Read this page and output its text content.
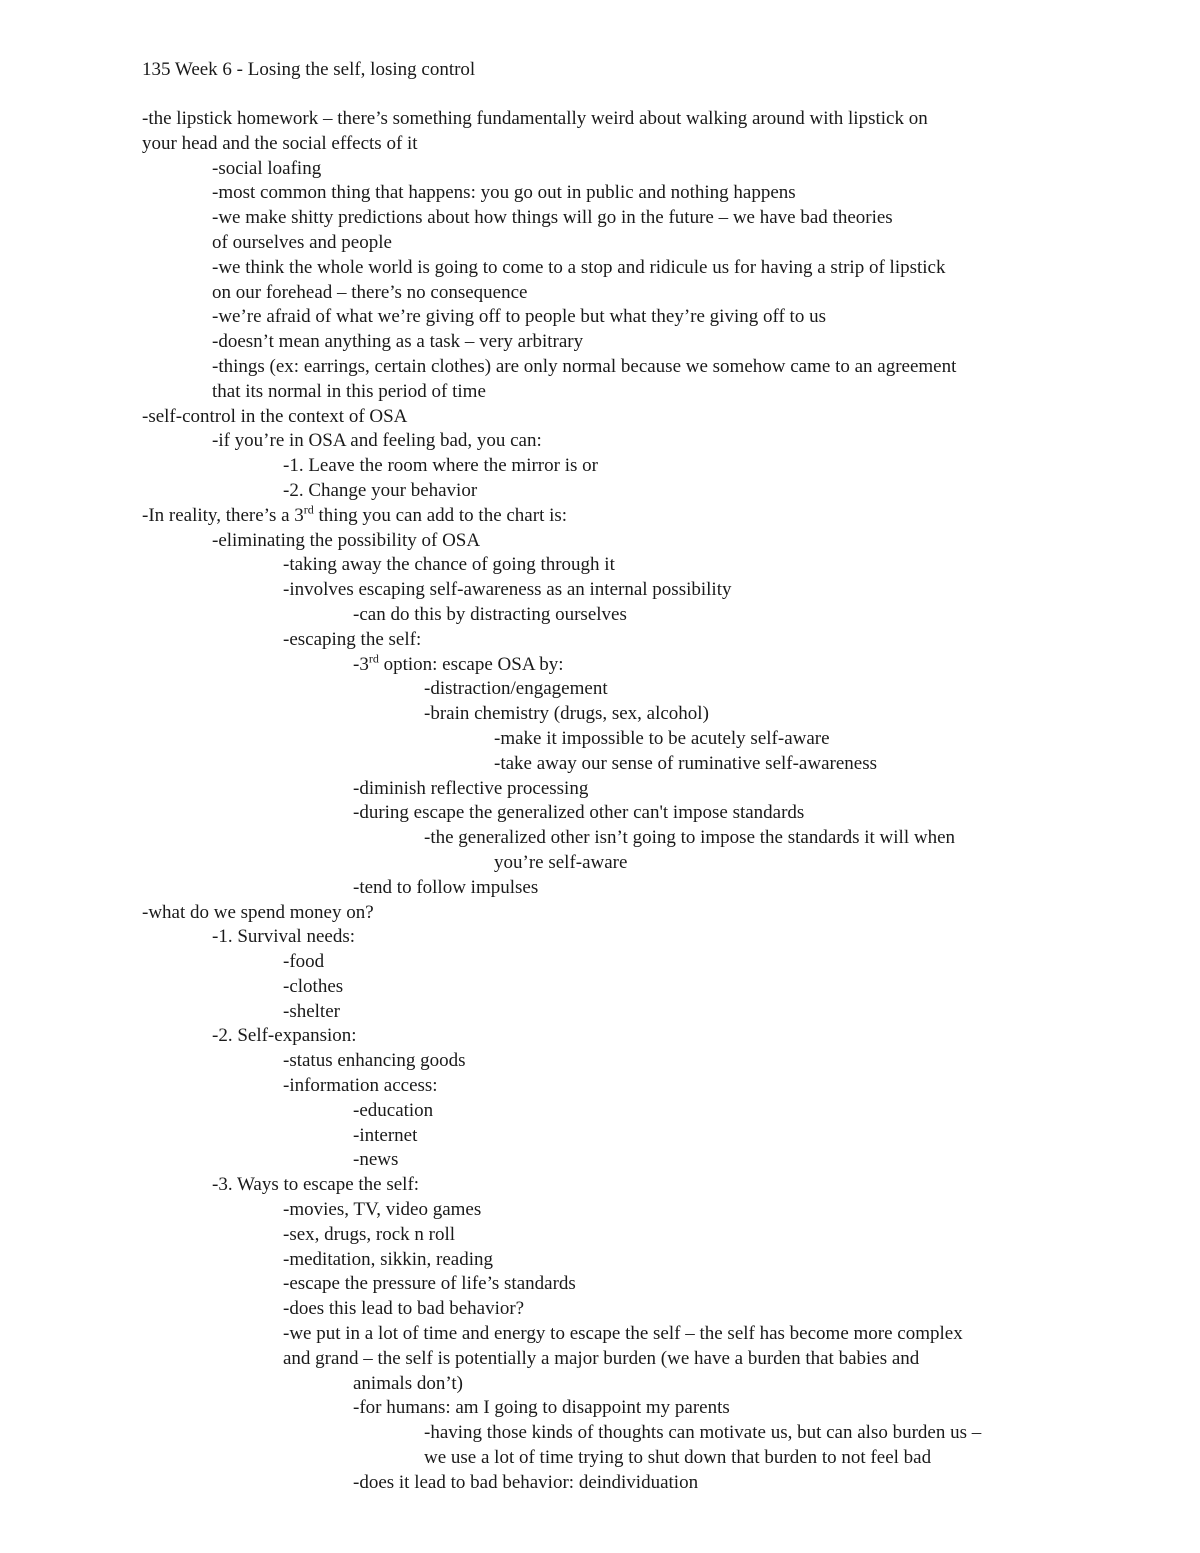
135 Week 6 - Losing the self, losing control
-the lipstick homework – there’s something fundamentally weird about walking around with lipstick on
your head and the social effects of it
-social loafing
-most common thing that happens: you go out in public and nothing happens
-we make shitty predictions about how things will go in the future – we have bad theories
of ourselves and people
-we think the whole world is going to come to a stop and ridicule us for having a strip of lipstick
on our forehead – there’s no consequence
-we’re afraid of what we’re giving off to people but what they’re giving off to us
-doesn’t mean anything as a task – very arbitrary
-things (ex: earrings, certain clothes) are only normal because we somehow came to an agreement
that its normal in this period of time
-self-control in the context of OSA
-if you’re in OSA and feeling bad, you can:
-1. Leave the room where the mirror is or
-2. Change your behavior
-In reality, there’s a 3rd thing you can add to the chart is:
-eliminating the possibility of OSA
-taking away the chance of going through it
-involves escaping self-awareness as an internal possibility
-can do this by distracting ourselves
-escaping the self:
-3rd option: escape OSA by:
-distraction/engagement
-brain chemistry (drugs, sex, alcohol)
-make it impossible to be acutely self-aware
-take away our sense of ruminative self-awareness
-diminish reflective processing
-during escape the generalized other can't impose standards
-the generalized other isn’t going to impose the standards it will when
you’re self-aware
-tend to follow impulses
-what do we spend money on?
-1. Survival needs:
-food
-clothes
-shelter
-2. Self-expansion:
-status enhancing goods
-information access:
-education
-internet
-news
-3. Ways to escape the self:
-movies, TV, video games
-sex, drugs, rock n roll
-meditation, sikkin, reading
-escape the pressure of life’s standards
-does this lead to bad behavior?
-we put in a lot of time and energy to escape the self – the self has become more complex
and grand – the self is potentially a major burden (we have a burden that babies and
animals don’t)
-for humans: am I going to disappoint my parents
-having those kinds of thoughts can motivate us, but can also burden us –
we use a lot of time trying to shut down that burden to not feel bad
-does it lead to bad behavior: deindividuation
